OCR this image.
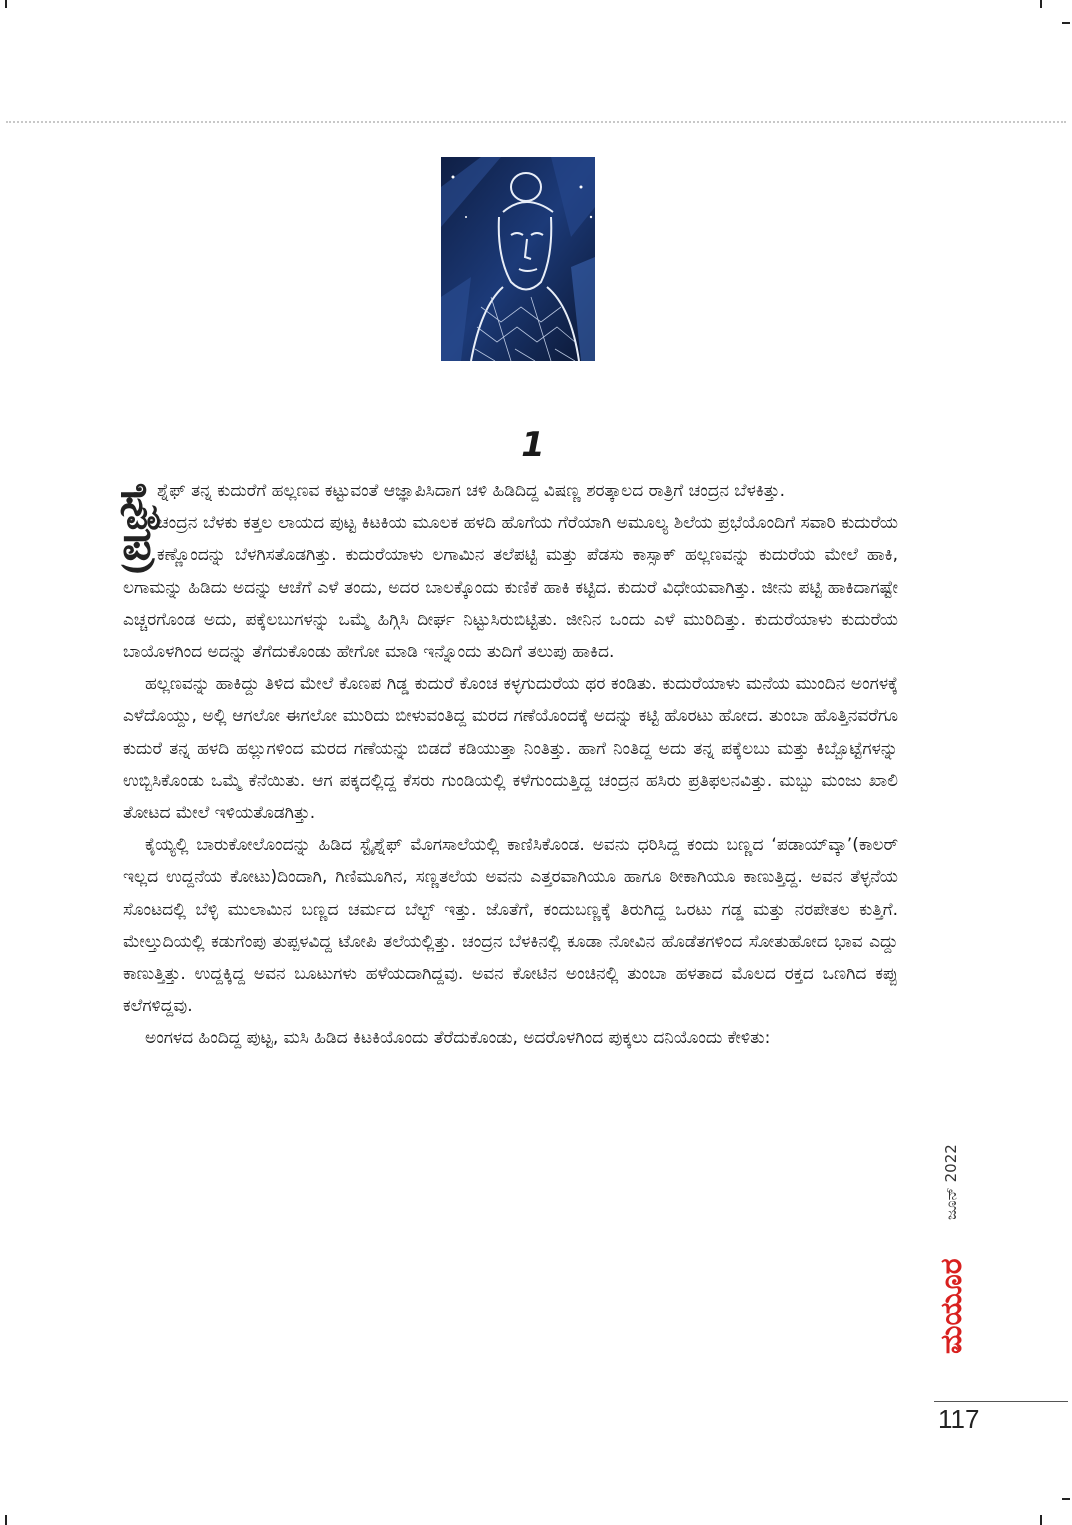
1
ಸ್ಟೈ
ಪ್ರ

ಶ್ನೆಫ್ ತನ್ನ ಕುದುರೆಗೆ ಹಲ್ಲಣವ ಕಟ್ಟುವಂತೆ ಆಜ್ಞಾಪಿಸಿದಾಗ ಚಳಿ ಹಿಡಿದಿದ್ದ ವಿಷಣ್ಣ ಶರತ್ಕಾಲದ ರಾತ್ರಿಗೆ ಚಂದ್ರನ ಬೆಳಕಿತ್ತು.

ಚಂದ್ರನ ಬೆಳಕು ಕತ್ತಲ ಲಾಯದ ಪುಟ್ಟ ಕಿಟಕಿಯ ಮೂಲಕ ಹಳದಿ ಹೊಗೆಯ ಗೆರೆಯಾಗಿ ಅಮೂಲ್ಯ ಶಿಲೆಯ ಪ್ರಭೆಯೊಂದಿಗೆ ಸವಾರಿ ಕುದುರೆಯ ಕಣ್ಣೊಂದನ್ನು ಬೆಳಗಿಸತೊಡಗಿತ್ತು. ಕುದುರೆಯಾಳು ಲಗಾಮಿನ ತಲೆಪಟ್ಟಿ ಮತ್ತು ಪೆಡಸು ಕಾಸ್ಸಾಕ್ ಹಲ್ಲಣವನ್ನು ಕುದುರೆಯ ಮೇಲೆ ಹಾಕಿ, ಲಗಾಮನ್ನು ಹಿಡಿದು ಅದನ್ನು ಆಚೆಗೆ ಎಳೆ ತಂದು, ಅದರ ಬಾಲಕ್ಕೊಂದು ಕುಣಿಕೆ ಹಾಕಿ ಕಟ್ಟಿದ. ಕುದುರೆ ವಿಧೇಯವಾಗಿತ್ತು. ಜೀನು ಪಟ್ಟಿ ಹಾಕಿದಾಗಷ್ಟೇ ಎಚ್ಚರಗೊಂಡ ಅದು, ಪಕ್ಕೆಲಬುಗಳನ್ನು ಒಮ್ಮೆ ಹಿಗ್ಗಿಸಿ ದೀರ್ಘ ನಿಟ್ಟುಸಿರುಬಿಟ್ಟಿತು. ಜೀನಿನ ಒಂದು ಎಳೆ ಮುರಿದಿತ್ತು. ಕುದುರೆಯಾಳು ಕುದುರೆಯ ಬಾಯೊಳಗಿಂದ ಅದನ್ನು ತೆಗೆದುಕೊಂಡು ಹೇಗೋ ಮಾಡಿ ಇನ್ನೊಂದು ತುದಿಗೆ ತಲುಪು ಹಾಕಿದ.

ಹಲ್ಲಣವನ್ನು ಹಾಕಿದ್ದು ತಿಳಿದ ಮೇಲೆ ಕೊಣಪ ಗಿಡ್ಡ ಕುದುರೆ ಕೊಂಚ ಕಳ್ಳಗುದುರೆಯ ಥರ ಕಂಡಿತು. ಕುದುರೆಯಾಳು ಮನೆಯ ಮುಂದಿನ ಅಂಗಳಕ್ಕೆ ಎಳೆದೊಯ್ದು, ಅಲ್ಲಿ ಆಗಲೋ ಈಗಲೋ ಮುರಿದು ಬೀಳುವಂತಿದ್ದ ಮರದ ಗಣೆಯೊಂದಕ್ಕೆ ಅದನ್ನು ಕಟ್ಟಿ ಹೊರಟು ಹೋದ. ತುಂಬಾ ಹೊತ್ತಿನವರೆಗೂ ಕುದುರೆ ತನ್ನ ಹಳದಿ ಹಲ್ಲುಗಳಿಂದ ಮರದ ಗಣೆಯನ್ನು ಬಿಡದೆ ಕಡಿಯುತ್ತಾ ನಿಂತಿತ್ತು. ಹಾಗೆ ನಿಂತಿದ್ದ ಅದು ತನ್ನ ಪಕ್ಕೆಲಬು ಮತ್ತು ಕಿಬ್ಬೊಟ್ಟೆಗಳನ್ನು ಉಬ್ಬಿಸಿಕೊಂಡು ಒಮ್ಮೆ ಕೆನೆಯಿತು. ಆಗ ಪಕ್ಕದಲ್ಲಿದ್ದ ಕೆಸರು ಗುಂಡಿಯಲ್ಲಿ ಕಳೆಗುಂದುತ್ತಿದ್ದ ಚಂದ್ರನ ಹಸಿರು ಪ್ರತಿಫಲನವಿತ್ತು. ಮಬ್ಬು ಮಂಜು ಖಾಲಿ ತೋಟದ ಮೇಲೆ ಇಳಿಯತೊಡಗಿತ್ತು.

ಕೈಯ್ಯಲ್ಲಿ ಬಾರುಕೋಲೊಂದನ್ನು ಹಿಡಿದ ಸ್ಟೈಶ್ನೆಫ್ ಮೊಗಸಾಲೆಯಲ್ಲಿ ಕಾಣಿಸಿಕೊಂಡ. ಅವನು ಧರಿಸಿದ್ದ ಕಂದು ಬಣ್ಣದ ‘ಪಡಾಯ್‌ವ್ಕಾ’(ಕಾಲರ್ ಇಲ್ಲದ ಉದ್ದನೆಯ ಕೋಟು)ದಿಂದಾಗಿ, ಗಿಣಿಮೂಗಿನ, ಸಣ್ಣತಲೆಯ ಅವನು ಎತ್ತರವಾಗಿಯೂ ಹಾಗೂ ಠೀಕಾಗಿಯೂ ಕಾಣುತ್ತಿದ್ದ. ಅವನ ತೆಳ್ಳನೆಯ ಸೊಂಟದಲ್ಲಿ ಬೆಳ್ಳಿ ಮುಲಾಮಿನ ಬಣ್ಣದ ಚರ್ಮದ ಬೆಲ್ಟ್ ಇತ್ತು. ಜೊತೆಗೆ, ಕಂದುಬಣ್ಣಕ್ಕೆ ತಿರುಗಿದ್ದ ಒರಟು ಗಡ್ಡ ಮತ್ತು ನರಪೇತಲ ಕುತ್ತಿಗೆ. ಮೇಲ್ತುದಿಯಲ್ಲಿ ಕಡುಗೆಂಪು ತುಪ್ಪಳವಿದ್ದ ಟೋಪಿ ತಲೆಯಲ್ಲಿತ್ತು. ಚಂದ್ರನ ಬೆಳಕಿನಲ್ಲಿ ಕೂಡಾ ನೋವಿನ ಹೊಡೆತಗಳಿಂದ ಸೋತುಹೋದ ಭಾವ ಎದ್ದು ಕಾಣುತ್ತಿತ್ತು. ಉದ್ದಕ್ಕಿದ್ದ ಅವನ ಬೂಟುಗಳು ಹಳೆಯದಾಗಿದ್ದವು. ಅವನ ಕೋಟಿನ ಅಂಚಿನಲ್ಲಿ ತುಂಬಾ ಹಳತಾದ ಮೊಲದ ರಕ್ತದ ಒಣಗಿದ ಕಪ್ಪು ಕಲೆಗಳಿದ್ದವು.

ಅಂಗಳದ ಹಿಂದಿದ್ದ ಪುಟ್ಟ, ಮಸಿ ಹಿಡಿದ ಕಿಟಕಿಯೊಂದು ತೆರೆದುಕೊಂಡು, ಅದರೊಳಗಿಂದ ಪುಕ್ಕಲು ದನಿಯೊಂದು ಕೇಳಿತು:

ಜೂನ್ 2022
ಮಯೂರ
117
